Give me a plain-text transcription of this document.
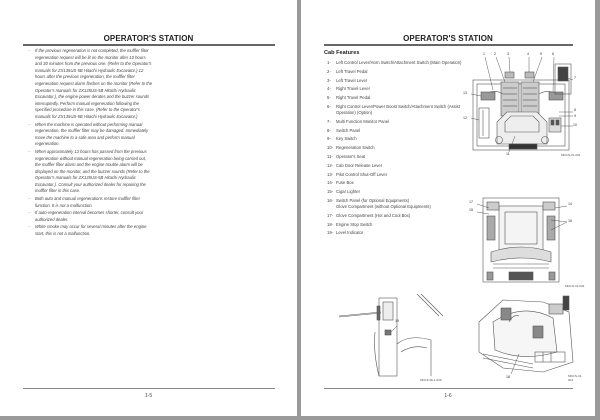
OPERATOR'S STATION
– If the previous regeneration is not completed, the muffler filter regeneration request will be lit on the monitor after 10 hours and 30 minutes from the previous one. (Refer to the Operator's manuals for ZX135US-5B Hitachi Hydraulic Excavator.) 12 hours after the previous regeneration, the muffler filter regeneration request alarm flashes on the monitor (Refer to the Operator's manuals for ZX135US-5B Hitachi Hydraulic Excavator.), the engine power derates and the buzzer sounds interruptedly. Perform manual regeneration following the specified procedure in this case. (Refer to the Operator's manuals for ZX135US-5B Hitachi Hydraulic Excavator.)
– When the machine is operated without performing manual regeneration, the muffler filter may be damaged. Immediately move the machine to a safe area and perform manual regeneration.
– When approximately 13 hours has passed from the previous regeneration without manual regeneration being carried out, the muffler filter alarm and the engine trouble alarm will be displayed on the monitor, and the buzzer sounds (Refer to the Operator's manuals for ZX135US-5B Hitachi Hydraulic Excavator.). Consult your authorized dealer for repairing the muffler filter in this case.
– Both auto and manual regenerations restore muffler filter function. It is not a malfunction.
– If auto-regeneration interval becomes shorter, consult your authorized dealer.
– White smoke may occur for several minutes after the engine start, this is not a malfunction.
1-5
OPERATOR'S STATION
Cab Features
1-	Left Control Lever/Horn Switch/Attachment Switch (Main Operation)
2-	Left Travel Pedal
3-	Left Travel Lever
4-	Right Travel Lever
5-	Right Travel Pedal
6-	Right Control Lever/Power Boost Switch/Attachment Switch (Assist Operation) (Option)
7-	Multi Function Monitor Panel
8-	Switch Panel
9-	Key Switch
10- Regeneration Switch
11- Operator's Seat
12- Cab Door Release Lever
13- Pilot Control Shut-Off Lever
14- Fuse Box
15- Cigar Lighter
16- Switch Panel (for Optional Equipments)
Glove Compartment (without Optional Equipments)
17- Glove Compartment (Hot and Cool Box)
18- Engine Stop Switch
19- Level Indicator
1	2	3	4	5	6
7
8
9
10
11
12
13
MDCN-01-002
17
15
14
16
MDCN-01-003
19
MDCF-ML1-009
18	MDCN-01-004
1-6
